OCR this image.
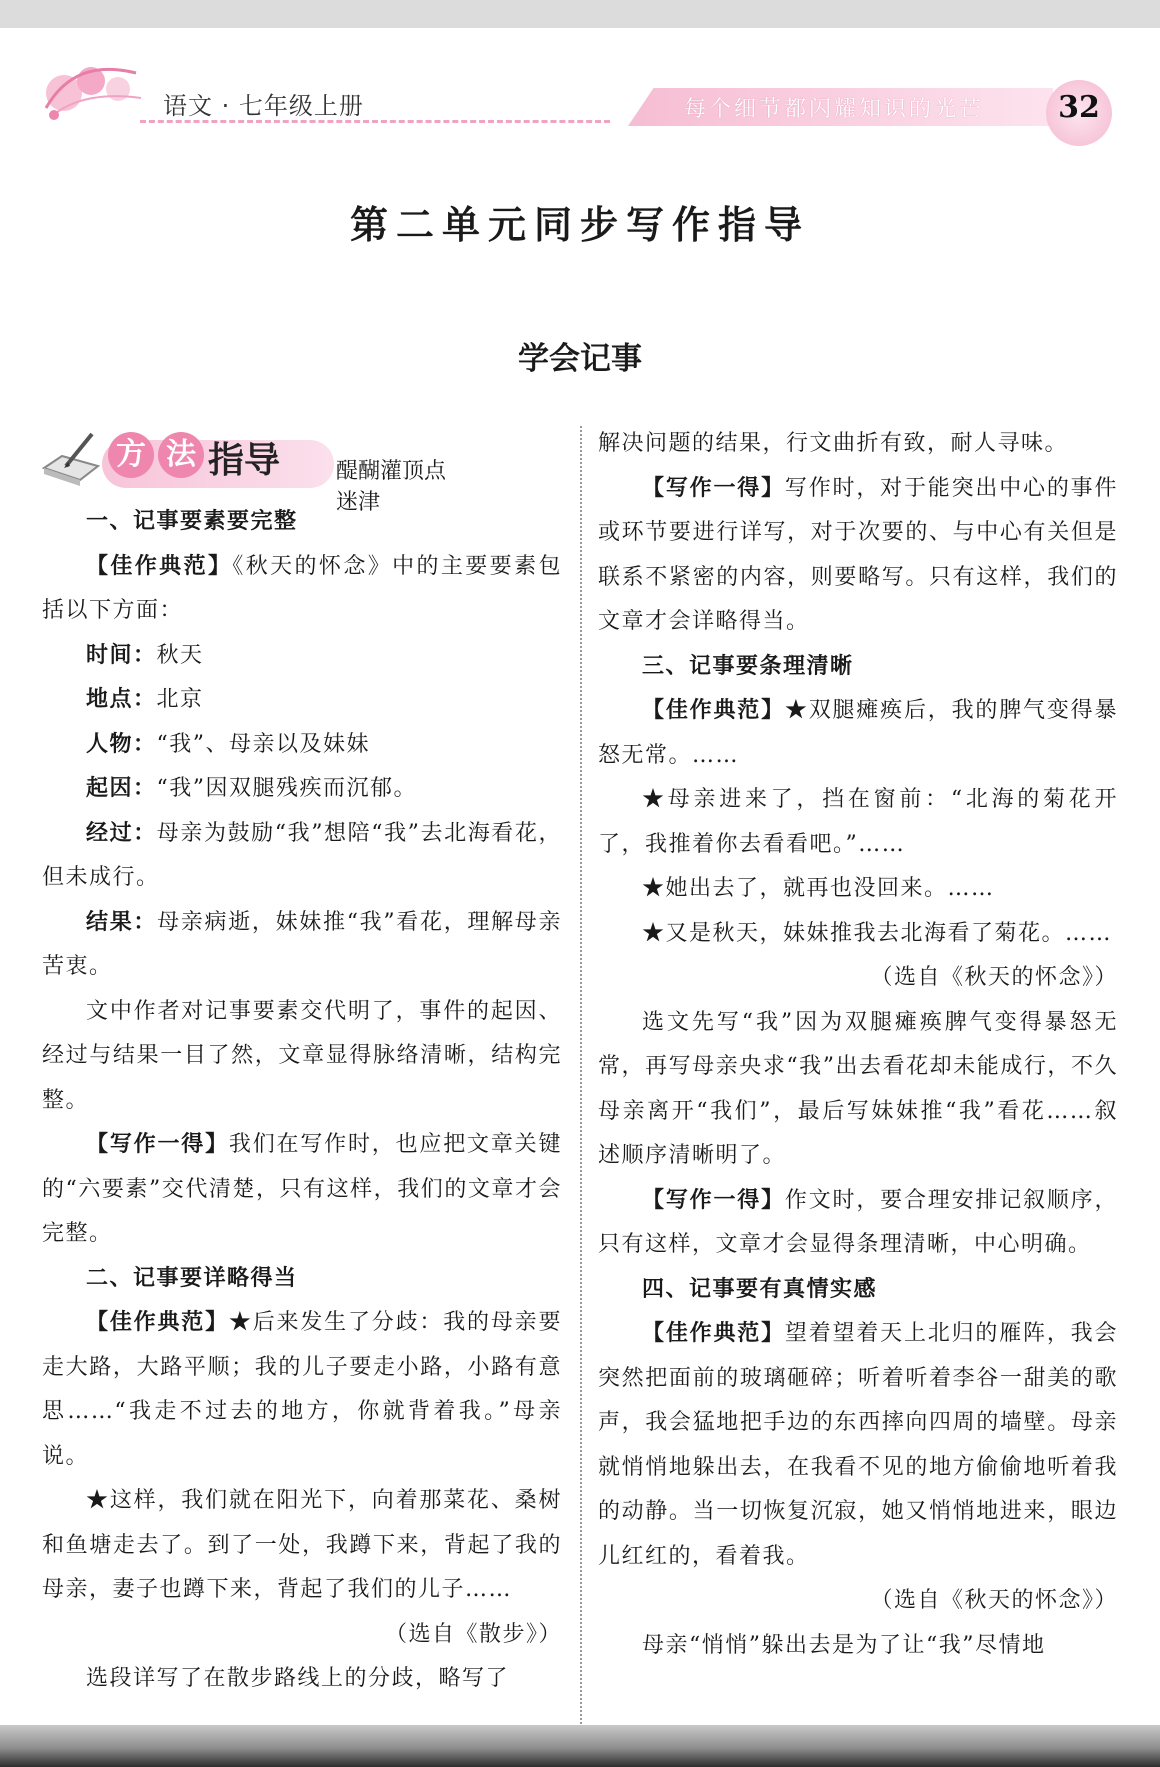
语文 · 七年级上册	每个细节都闪耀知识的光芒	32
第二单元同步写作指导
学会记事
方 法 指导	醍醐灌顶点迷津

一、记事要素要完整

【佳作典范】《秋天的怀念》中的主要要素包括以下方面：

时间：秋天

地点：北京

人物：“我”、母亲以及妹妹

起因：“我”因双腿残疾而沉郁。

经过：母亲为鼓励“我”想陪“我”去北海看花，但未成行。

结果：母亲病逝，妹妹推“我”看花，理解母亲苦衷。

文中作者对记事要素交代明了，事件的起因、经过与结果一目了然，文章显得脉络清晰，结构完整。

【写作一得】我们在写作时，也应把文章关键的“六要素”交代清楚，只有这样，我们的文章才会完整。

二、记事要详略得当

【佳作典范】★后来发生了分歧：我的母亲要走大路，大路平顺；我的儿子要走小路，小路有意思……“我走不过去的地方，你就背着我。”母亲说。

★这样，我们就在阳光下，向着那菜花、桑树和鱼塘走去了。到了一处，我蹲下来，背起了我的母亲，妻子也蹲下来，背起了我们的儿子……

（选自《散步》）

选段详写了在散步路线上的分歧，略写了

解决问题的结果，行文曲折有致，耐人寻味。

【写作一得】写作时，对于能突出中心的事件或环节要进行详写，对于次要的、与中心有关但是联系不紧密的内容，则要略写。只有这样，我们的文章才会详略得当。

三、记事要条理清晰

【佳作典范】★双腿瘫痪后，我的脾气变得暴怒无常。……

★母亲进来了，挡在窗前：“北海的菊花开了，我推着你去看看吧。”……

★她出去了，就再也没回来。……

★又是秋天，妹妹推我去北海看了菊花。……

（选自《秋天的怀念》）

选文先写“我”因为双腿瘫痪脾气变得暴怒无常，再写母亲央求“我”出去看花却未能成行，不久母亲离开“我们”，最后写妹妹推“我”看花……叙述顺序清晰明了。

【写作一得】作文时，要合理安排记叙顺序，只有这样，文章才会显得条理清晰，中心明确。

四、记事要有真情实感

【佳作典范】望着望着天上北归的雁阵，我会突然把面前的玻璃砸碎；听着听着李谷一甜美的歌声，我会猛地把手边的东西摔向四周的墙壁。母亲就悄悄地躲出去，在我看不见的地方偷偷地听着我的动静。当一切恢复沉寂，她又悄悄地进来，眼边儿红红的，看着我。

（选自《秋天的怀念》）

母亲“悄悄”躲出去是为了让“我”尽情地
